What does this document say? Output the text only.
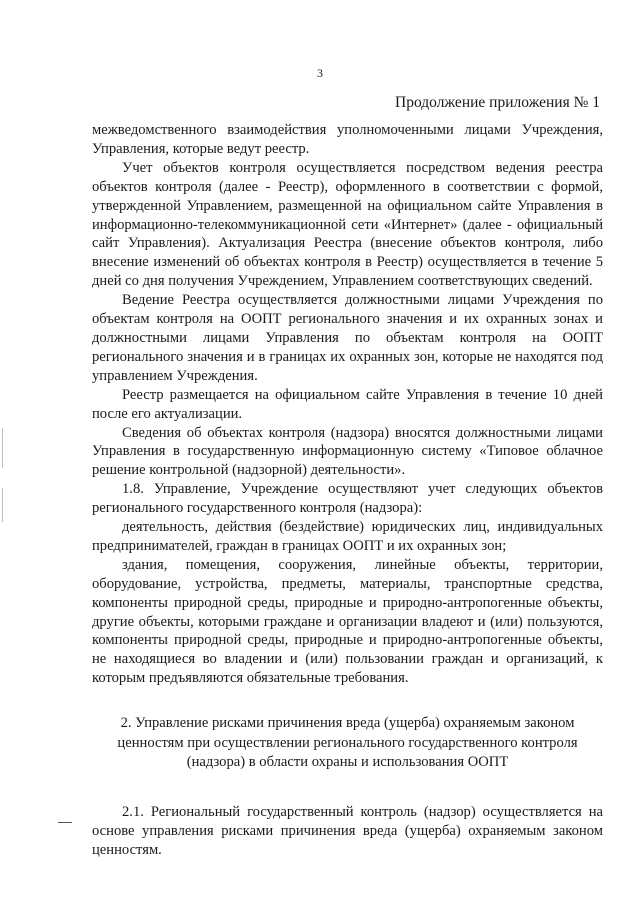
3
Продолжение приложения № 1

межведомственного взаимодействия уполномоченными лицами Учреждения, Управления, которые ведут реестр.

Учет объектов контроля осуществляется посредством ведения реестра объектов контроля (далее - Реестр), оформленного в соответствии с формой, утвержденной Управлением, размещенной на официальном сайте Управления в информационно-телекоммуникационной сети «Интернет» (далее - официальный сайт Управления). Актуализация Реестра (внесение объектов контроля, либо внесение изменений об объектах контроля в Реестр) осуществляется в течение 5 дней со дня получения Учреждением, Управлением соответствующих сведений.

Ведение Реестра осуществляется должностными лицами Учреждения по объектам контроля на ООПТ регионального значения и их охранных зонах и должностными лицами Управления по объектам контроля на ООПТ регионального значения и в границах их охранных зон, которые не находятся под управлением Учреждения.

Реестр размещается на официальном сайте Управления в течение 10 дней после его актуализации.

Сведения об объектах контроля (надзора) вносятся должностными лицами Управления в государственную информационную систему «Типовое облачное решение контрольной (надзорной) деятельности».

1.8. Управление, Учреждение осуществляют учет следующих объектов регионального государственного контроля (надзора):

деятельность, действия (бездействие) юридических лиц, индивидуальных предпринимателей, граждан в границах ООПТ и их охранных зон;

здания, помещения, сооружения, линейные объекты, территории, оборудование, устройства, предметы, материалы, транспортные средства, компоненты природной среды, природные и природно-антропогенные объекты, другие объекты, которыми граждане и организации владеют и (или) пользуются, компоненты природной среды, природные и природно-антропогенные объекты, не находящиеся во владении и (или) пользовании граждан и организаций, к которым предъявляются обязательные требования.

2. Управление рисками причинения вреда (ущерба) охраняемым законом ценностям при осуществлении регионального государственного контроля (надзора) в области охраны и использования ООПТ

2.1. Региональный государственный контроль (надзор) осуществляется на основе управления рисками причинения вреда (ущерба) охраняемым законом ценностям.
